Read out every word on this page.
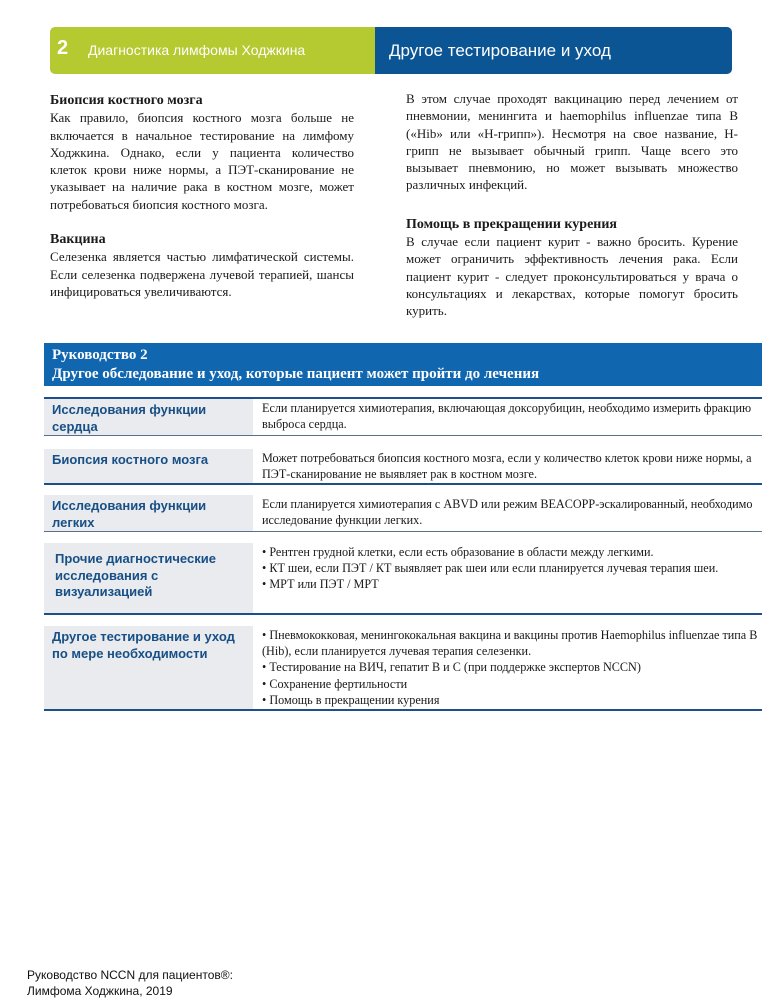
2 Диагностика лимфомы Ходжкина	Другое тестирование и уход
Биопсия костного мозга

Как правило, биопсия костного мозга больше не включается в начальное тестирование на лимфому Ходжкина. Однако, если у пациента количество клеток крови ниже нормы, а ПЭТ-сканирование не указывает на наличие рака в костном мозге, может потребоваться биопсия костного мозга.

Вакцина

Селезенка является частью лимфатической системы. Если селезенка подвержена лучевой терапией, шансы инфицироваться увеличиваются.

В этом случае проходят вакцинацию перед лечением от пневмонии, менингита и haemophilus influenzae типа B («Hib» или «Н-грипп»). Несмотря на свое название, Н-грипп не вызывает обычный грипп. Чаще всего это вызывает пневмонию, но может вызывать множество различных инфекций.

Помощь в прекращении курения

В случае если пациент курит - важно бросить. Курение может ограничить эффективность лечения рака. Если пациент курит - следует проконсультироваться у врача о консультациях и лекарствах, которые помогут бросить курить.

Руководство 2
Другое обследование и уход, которые пациент может пройти до лечения
Исследования функции сердца
Если планируется химиотерапия, включающая доксорубицин, необходимо измерить фракцию выброса сердца.
Биопсия костного мозга	Может потребоваться биопсия костного мозга, если у количество клеток крови ниже нормы, а ПЭТ-сканирование не выявляет рак в костном мозге.
Исследования функции легких
Если планируется химиотерапия с ABVD или режим BEACOPP-эскалированный, необходимо исследование функции легких.
Прочие диагностические исследования с визуализацией
• Рентген грудной клетки, если есть образование в области между легкими.
• КТ шеи, если ПЭТ / КТ выявляет рак шеи или если планируется лучевая терапия шеи.
• МРТ или ПЭТ / МРТ
Другое тестирование и уход по мере необходимости
• Пневмококковая, менингококальная вакцина и вакцины против Haemophilus influenzae типа B (Hib), если планируется лучевая терапия селезенки.
• Тестирование на ВИЧ, гепатит B и C (при поддержке экспертов NCCN)
• Сохранение фертильности
• Помощь в прекращении курения
Руководство NCCN для пациентов®:
Лимфома Ходжкина, 2019
